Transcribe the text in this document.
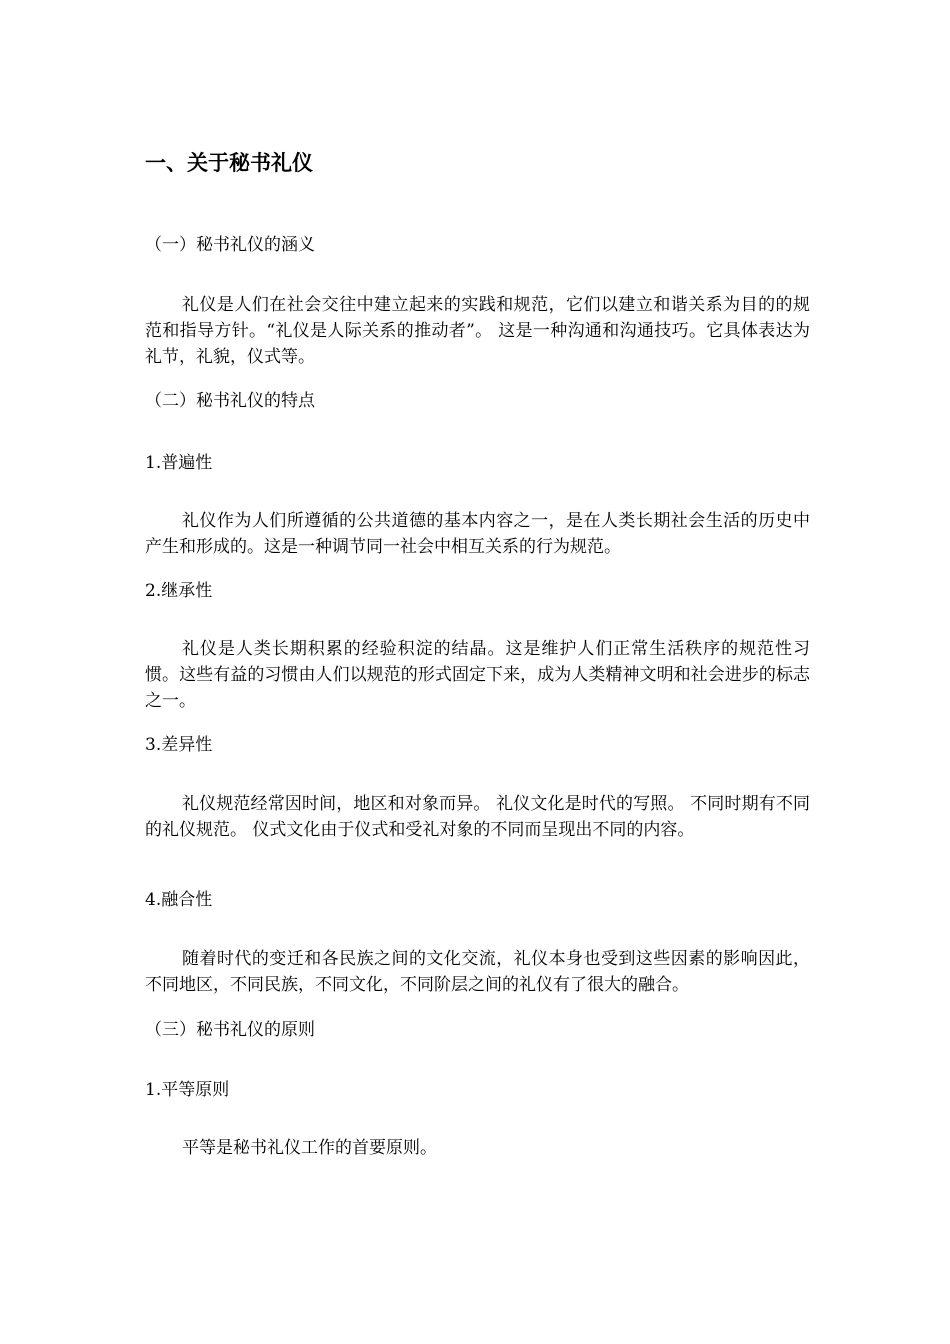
一、关于秘书礼仪

（一）秘书礼仪的涵义

礼仪是人们在社会交往中建立起来的实践和规范，它们以建立和谐关系为目的的规范和指导方针。“礼仪是人际关系的推动者”。 这是一种沟通和沟通技巧。它具体表达为礼节，礼貌，仪式等。

（二）秘书礼仪的特点

1.普遍性

礼仪作为人们所遵循的公共道德的基本内容之一，是在人类长期社会生活的历史中产生和形成的。这是一种调节同一社会中相互关系的行为规范。

2.继承性

礼仪是人类长期积累的经验积淀的结晶。这是维护人们正常生活秩序的规范性习惯。这些有益的习惯由人们以规范的形式固定下来，成为人类精神文明和社会进步的标志之一。

3.差异性

礼仪规范经常因时间，地区和对象而异。 礼仪文化是时代的写照。 不同时期有不同的礼仪规范。 仪式文化由于仪式和受礼对象的不同而呈现出不同的内容。

4.融合性

随着时代的变迁和各民族之间的文化交流，礼仪本身也受到这些因素的影响因此，不同地区，不同民族，不同文化，不同阶层之间的礼仪有了很大的融合。

（三）秘书礼仪的原则

1.平等原则

平等是秘书礼仪工作的首要原则。
